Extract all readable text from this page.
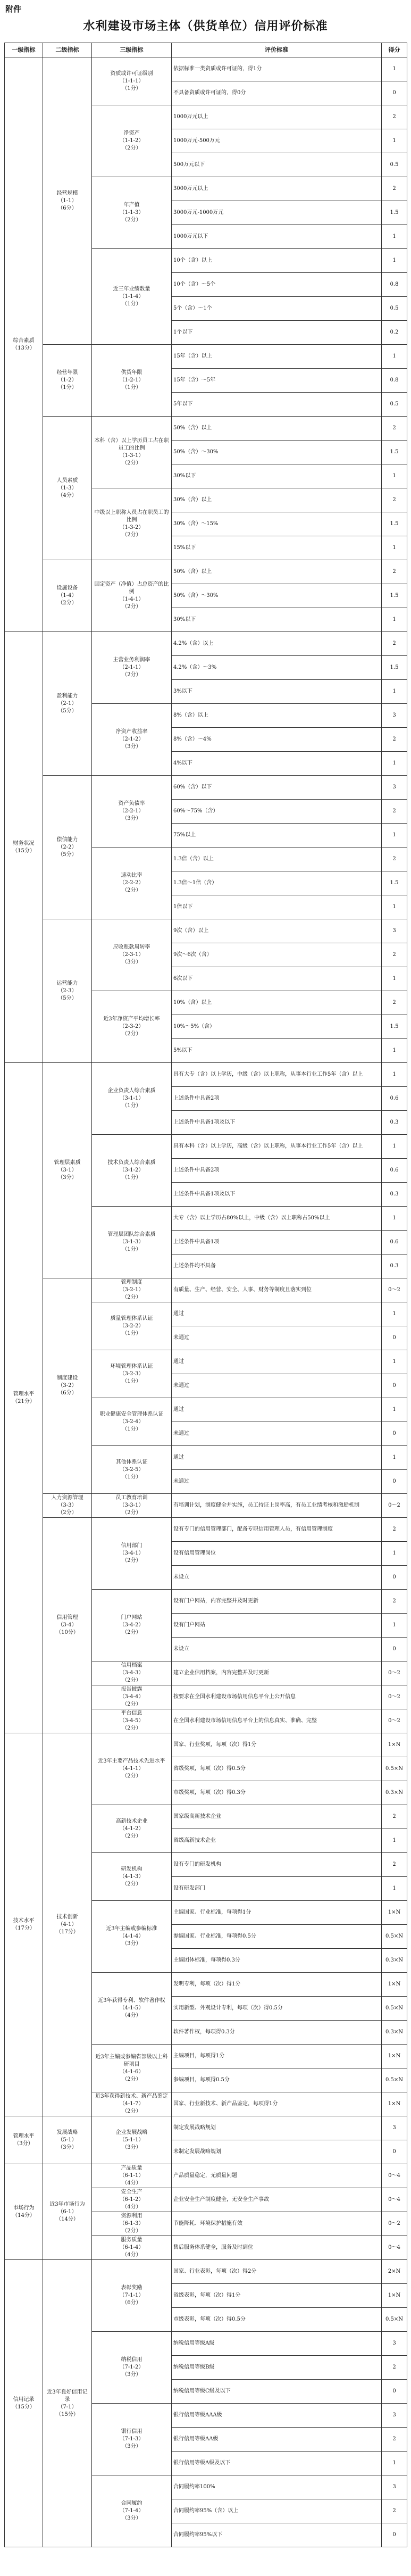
附件
水利建设市场主体（供货单位）信用评价标准
一级指标	二级指标	三级指标	评价标准	得分
综合素质
（13分）	经营规模
（1-1）
（6分）	资质或许可证级别
（1-1-1）
（1分）	依据标准一类资质或许可证的，得1分	1
			不具备资质或许可证的，得0分	0
		净资产
（1-1-2）
（2分）	1000万元以上	2
			1000万元-500万元	1
			500万元以下	0.5
		年产值
（1-1-3）
（2分）	3000万元以上	2
			3000万元-1000万元	1.5
			1000万元以下	1
		近三年业绩数量
（1-1-4）
（1分）	10个（含）以上	1
			10个（含）～5个	0.8
			5个（含）～1个	0.5
			1个以下	0.2
	经营年限
（1-2）
（1分）	供货年限
（1-2-1）
（1分）	15年（含）以上	1
			15年（含）～5年	0.8
			5年以下	0.5
	人员素质
（1-3）
（4分）	本科（含）以上学历员工占在职员工的比例
（1-3-1）
（2分）	50%（含）以上	2
			50%（含）～30%	1.5
			30%以下	1
		中级以上职称人员占在职员工的比例
（1-3-2）
（2分）	30%（含）以上	2
			30%（含）～15%	1.5
			15%以下	1
	设施设备
（1-4）
（2分）	固定资产（净值）占总资产的比例
（1-4-1）
（2分）	50%（含）以上	2
			50%（含）～30%	1.5
			30%以下	1
财务状况
（15分）	盈利能力
（2-1）
（5分）	主营业务利润率
（2-1-1）
（2分）	4.2%（含）以上	2
			4.2%（含）～3%	1.5
			3%以下	1
		净资产收益率
（2-1-2）
（3分）	8%（含）以上	3
			8%（含）～4%	2
			4%以下	1
	偿债能力
（2-2）
（5分）	资产负债率
（2-2-1）
（3分）	60%（含）以下	3
			60%～75%（含）	2
			75%以上	1
		速动比率
（2-2-2）
（2分）	1.3倍（含）以上	2
			1.3倍～1倍（含）	1.5
			1倍以下	1
	运营能力
（2-3）
（5分）	应收账款周转率
（2-3-1）
（3分）	9次（含）以上	3
			9次～6次（含）	2
			6次以下	1
		近3年净资产平均增长率
（2-3-2）
（2分）	10%（含）以上	2
			10%～5%（含）	1.5
			5%以下	1
管理水平
（21分）	管理层素质
（3-1）
（3分）	企业负责人综合素质
（3-1-1）
（1分）	具有大专（含）以上学历，中级（含）以上职称，从事本行业工作5年（含）以上	1
			上述条件中具备2项	0.6
			上述条件中具备1项及以下	0.3
		技术负责人综合素质
（3-1-2）
（1分）	具有本科（含）以上学历，高级（含）以上职称，从事本行业工作5年（含）以上	1
			上述条件中具备2项	0.6
			上述条件中具备1项及以下	0.3
		管理层团队综合素质
（3-1-3）
（1分）	大专（含）以上学历占80%以上，中级（含）以上职称占50%以上	1
			上述条件中具备1项	0.6
			上述条件均不具备	0.3
	制度建设
（3-2）
（6分）	管理制度
（3-2-1）
（2分）	有质量、生产、经营、安全、人事、财务等制度且落实到位	0～2
		质量管理体系认证
（3-2-2）
（1分）	通过	1
			未通过	0
		环境管理体系认证
（3-2-3）
（1分）	通过	1
			未通过	0
		职业健康安全管理体系认证
（3-2-4）
（1分）	通过	1
			未通过	0
		其他体系认证
（3-2-5）
（1分）	通过	1
			未通过	0
	人力资源管理
（3-3）
（2分）	员工教育培训
（3-3-1）
（2分）	有培训计划，制度健全并实施，员工持证上岗率高，有员工业绩考核和激励机制	0～2
	信用管理
（3-4）
（10分）	信用部门
（3-4-1）
（2分）	设有专门的信用管理部门，配备专职信用管理人员，有信用管理制度	2
			设有信用管理岗位	1
			未设立	0
		门户网站
（3-4-2）
（2分）	设有门户网站，内容完整并及时更新	2
			设有门户网站	1
			未设立	0
		信用档案
（3-4-3）
（2分）	建立企业信用档案，内容完整并及时更新	0～2
		报告披露
（3-4-4）
（2分）	按要求在全国水利建设市场信用信息平台上公开信息	0～2
		平台信息
（3-4-5）
（2分）	在全国水利建设市场信用信息平台上的信息真实、准确、完整	0～2
技术水平
（17分）	技术创新
（4-1）
（17分）	近3年主要产品技术先进水平
（4-1-1）
（2分）	国家、行业奖项，每项（次）得1分	1×N
			省级奖项，每项（次）得0.5分	0.5×N
			市级奖项，每项（次）得0.3分	0.3×N
		高新技术企业
（4-1-2）
（2分）	国家级高新技术企业	2
			省级高新技术企业	1
		研发机构
（4-1-3）
（2分）	设有专门的研发机构	2
			设有研发部门	1
		近3年主编或参编标准
（4-1-4）
（3分）	主编国家、行业标准，每项得1分	1×N
			参编国家、行业标准，每项得0.5分	0.5×N
			主编团体标准，每项得0.3分	0.3×N
		近3年获得专利、软件著作权
（4-1-5）
（4分）	发明专利，每项（次）得1分	1×N
			实用新型、外观设计专利，每项（次）得0.5分	0.5×N
			软件著作权，每项得0.3分	0.3×N
		近3年主编或参编省部级以上科研项目
（4-1-6）
（2分）	主编项目，每项得1分	1×N
			参编项目，每项得0.5分	0.5×N
		近3年获得新技术、新产品鉴定
（4-1-7）
（2分）	国家、行业新技术、新产品鉴定，每项得1分	1×N
管理水平
（3分）	发展战略
（5-1）
（3分）	企业发展战略
（5-1-1）
（3分）	制定发展战略规划	3
			未制定发展战略规划	0
市场行为
（14分）	近3年市场行为
（6-1）
（14分）	产品质量
（6-1-1）
（4分）	产品质量稳定，无质量问题	0～4
		安全生产
（6-1-2）
（4分）	企业安全生产制度健全，无安全生产事故	0～4
		资源利用
（6-1-3）
（2分）	节能降耗、环境保护措施有效	0～2
		服务质量
（6-1-4）
（4分）	售后服务体系健全，服务及时到位	0～4
信用记录
（15分）	近3年良好信用记录
（7-1）
（15分）	表彰奖励
（7-1-1）
（6分）	国家、行业表彰，每项（次）得2分	2×N
			省级表彰，每项（次）得1分	1×N
			市级表彰，每项（次）得0.5分	0.5×N
		纳税信用
（7-1-2）
（3分）	纳税信用等级A级	3
			纳税信用等级B级	2
			纳税信用等级C级及以下	0
		银行信用
（7-1-3）
（3分）	银行信用等级AAA级	3
			银行信用等级AA级	2
			银行信用等级A级及以下	1
		合同履约
（7-1-4）
（3分）	合同履约率100%	3
			合同履约率95%（含）以上	2
			合同履约率95%以下	0
